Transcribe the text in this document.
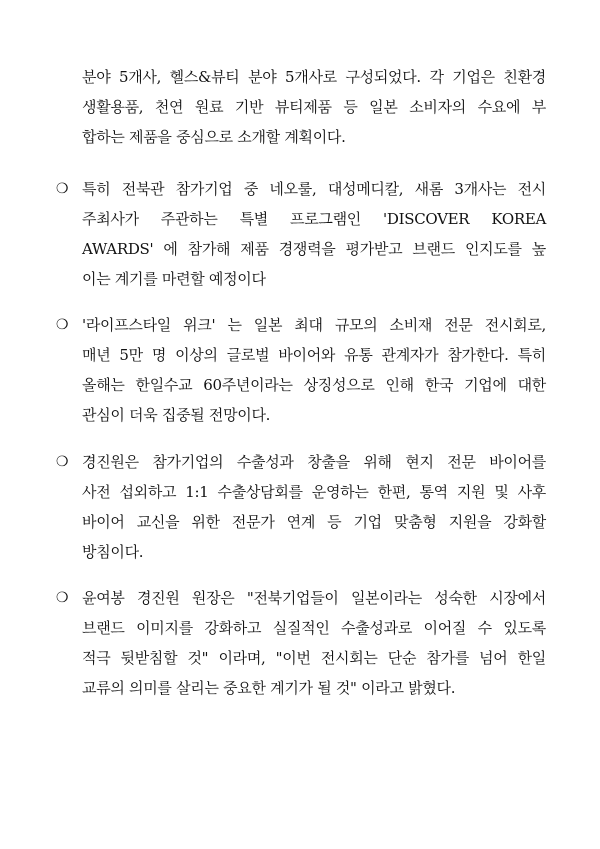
분야 5개사, 헬스&뷰티 분야 5개사로 구성되었다. 각 기업은 친환경
생활용품, 천연 원료 기반 뷰티제품 등 일본 소비자의 수요에 부
합하는 제품을 중심으로 소개할 계획이다.
❍ 특히 전북관 참가기업 중 네오룰, 대성메디칼, 새롬 3개사는 전시
주최사가 주관하는 특별 프로그램인 'DISCOVER KOREA
AWARDS' 에 참가해 제품 경쟁력을 평가받고 브랜드 인지도를 높
이는 계기를 마련할 예정이다
❍ '라이프스타일 위크' 는 일본 최대 규모의 소비재 전문 전시회로,
매년 5만 명 이상의 글로벌 바이어와 유통 관계자가 참가한다. 특히
올해는 한일수교 60주년이라는 상징성으로 인해 한국 기업에 대한
관심이 더욱 집중될 전망이다.
❍ 경진원은 참가기업의 수출성과 창출을 위해 현지 전문 바이어를
사전 섭외하고 1:1 수출상담회를 운영하는 한편, 통역 지원 및 사후
바이어 교신을 위한 전문가 연계 등 기업 맞춤형 지원을 강화할
방침이다.
❍ 윤여봉 경진원 원장은 "전북기업들이 일본이라는 성숙한 시장에서
브랜드 이미지를 강화하고 실질적인 수출성과로 이어질 수 있도록
적극 뒷받침할 것" 이라며, "이번 전시회는 단순 참가를 넘어 한일
교류의 의미를 살리는 중요한 계기가 될 것" 이라고 밝혔다.
